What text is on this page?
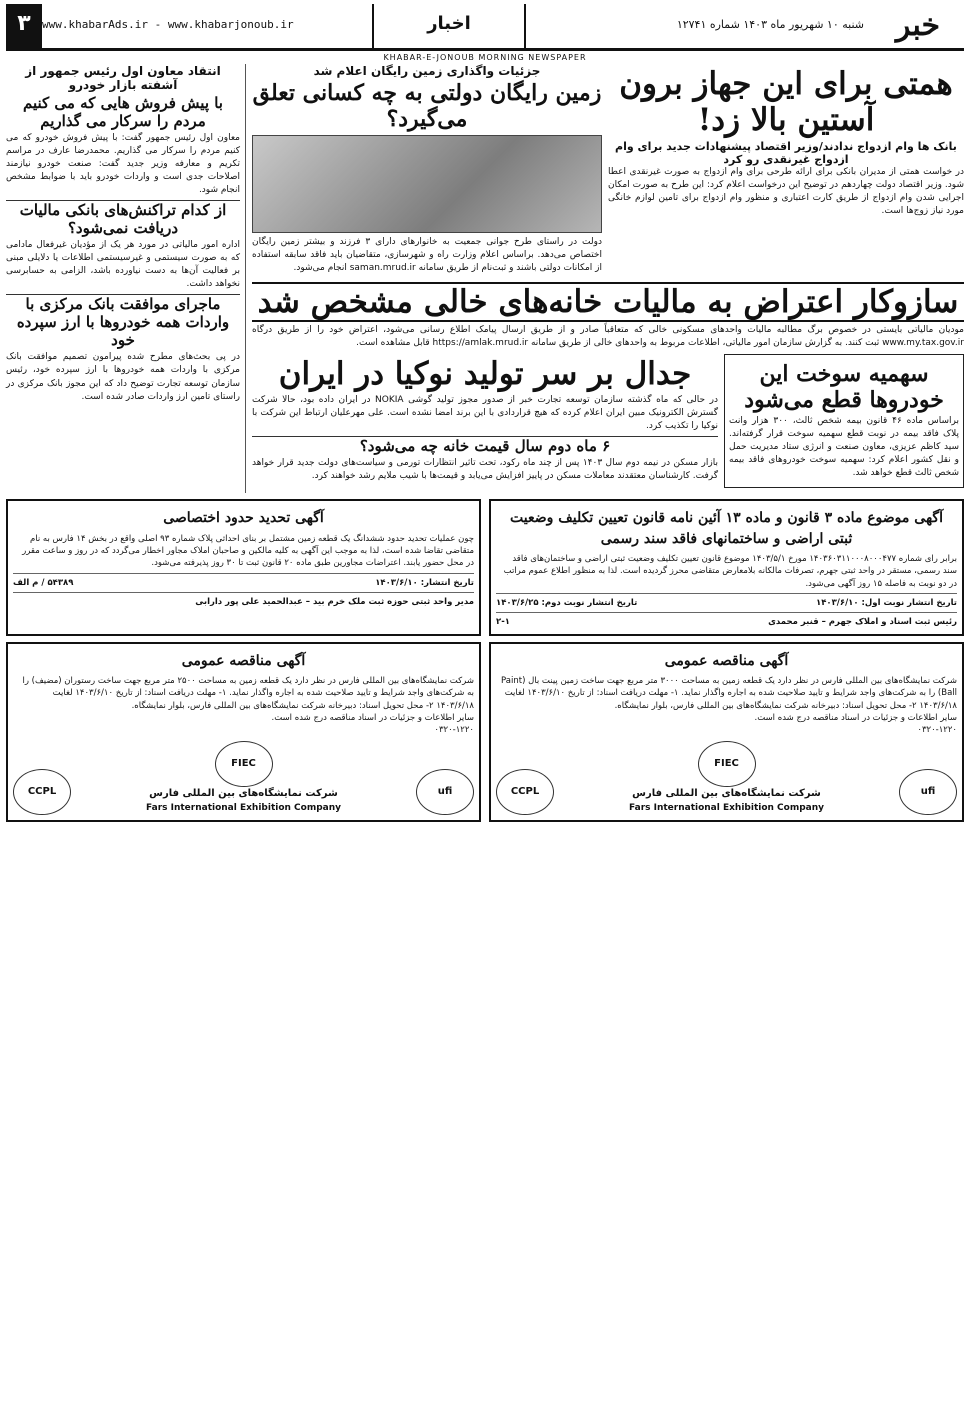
خبر
شنبه ۱۰ شهریور ماه ۱۴۰۳ شماره ۱۲۷۴۱
اخبار
www.khabarAds.ir - www.khabarjonoub.ir
۳
KHABAR-E-JONOUB MORNING NEWSPAPER
همتی برای این جهاز برون آستین بالا زد!
بانک ها وام ازدواج ندادند/وزیر اقتصاد پیشنهادات جدید برای وام ازدواج غیرنقدی رو کرد

در خواست همتی از مدیران بانکی برای ارائه طرحی برای وام ازدواج به صورت غیرنقدی اعطا شود. وزیر اقتصاد دولت چهاردهم در توضیح این درخواست اعلام کرد: این طرح به صورت امکان اجرایی شدن وام ازدواج از طریق کارت اعتباری و منظور وام ازدواج برای تامین لوازم خانگی مورد نیاز زوج‌ها است.

جزئیات واگذاری زمین رایگان اعلام شد
زمین رایگان دولتی به چه کسانی تعلق می‌گیرد؟

دولت در راستای طرح جوانی جمعیت به خانوارهای دارای ۳ فرزند و بیشتر زمین رایگان اختصاص می‌دهد. براساس اعلام وزارت راه و شهرسازی، متقاضیان باید فاقد سابقه استفاده از امکانات دولتی باشند و ثبت‌نام از طریق سامانه saman.mrud.ir انجام می‌شود.

سازوکار اعتراض به مالیات خانه‌های خالی مشخص شد

مودیان مالیاتی بایستی در خصوص برگ مطالبه مالیات واحدهای مسکونی خالی که متعاقباً صادر و از طریق ارسال پیامک اطلاع رسانی می‌شود، اعتراض خود را از طریق درگاه www.my.tax.gov.ir ثبت کنند. به گزارش سازمان امور مالیاتی، اطلاعات مربوط به واحدهای خالی از طریق سامانه https://amlak.mrud.ir قابل مشاهده است.

سهمیه سوخت این خودروها قطع می‌شود

براساس ماده ۴۶ قانون بیمه شخص ثالث، ۳۰۰ هزار وانت پلاک فاقد بیمه در نوبت قطع سهمیه سوخت قرار گرفته‌اند. سید کاظم عزیزی، معاون صنعت و انرژی ستاد مدیریت حمل و نقل کشور اعلام کرد: سهمیه سوخت خودروهای فاقد بیمه شخص ثالث قطع خواهد شد.

جدال بر سر تولید نوکیا در ایران

در حالی که ماه گذشته سازمان توسعه تجارت خبر از صدور مجوز تولید گوشی NOKIA در ایران داده بود، حالا شرکت گسترش الکترونیک مبین ایران اعلام کرده که هیچ قراردادی با این برند امضا نشده است. علی مهرعلیان ارتباط این شرکت با نوکیا را تکذیب کرد.

۶ ماه دوم سال قیمت خانه چه می‌شود؟

بازار مسکن در نیمه دوم سال ۱۴۰۳ پس از چند ماه رکود، تحت تاثیر انتظارات تورمی و سیاست‌های دولت جدید قرار خواهد گرفت. کارشناسان معتقدند معاملات مسکن در پاییز افزایش می‌یابد و قیمت‌ها با شیب ملایم رشد خواهند کرد.

انتقاد معاون اول رئیس جمهور از آشفته بازار خودرو
با پیش فروش هایی که می کنیم مردم را سرکار می گذاریم

معاون اول رئیس جمهور گفت: با پیش فروش خودرو که می کنیم مردم را سرکار می گذاریم. محمدرضا عارف در مراسم تکریم و معارفه وزیر جدید گفت: صنعت خودرو نیازمند اصلاحات جدی است و واردات خودرو باید با ضوابط مشخص انجام شود.

از کدام تراکنش‌های بانکی مالیات دریافت نمی‌شود؟

اداره امور مالیاتی در مورد هر یک از مؤدیان غیرفعال مادامی که به صورت سیستمی و غیرسیستمی اطلاعات یا دلایلی مبنی بر فعالیت آن‌ها به دست نیاورده باشد، الزامی به حسابرسی نخواهد داشت.

ماجرای موافقت بانک مرکزی با واردات همه خودروها با ارز سپرده خود

در پی بحث‌های مطرح شده پیرامون تصمیم موافقت بانک مرکزی با واردات همه خودروها با ارز سپرده خود، رئیس سازمان توسعه تجارت توضیح داد که این مجوز بانک مرکزی در راستای تامین ارز واردات صادر شده است.

آگهی موضوع ماده ۳ قانون و ماده ۱۳ آئین نامه قانون تعیین تکلیف وضعیت ثبتی اراضی و ساختمانهای فاقد سند رسمی
برابر رای شماره ۱۴۰۳۶۰۳۱۱۰۰۰۸۰۰۰۴۷۷ مورخ ۱۴۰۳/۵/۱ موضوع قانون تعیین تکلیف وضعیت ثبتی اراضی و ساختمان‌های فاقد سند رسمی، مستقر در واحد ثبتی جهرم، تصرفات مالکانه بلامعارض متقاضی محرز گردیده است. لذا به منظور اطلاع عموم مراتب در دو نوبت به فاصله ۱۵ روز آگهی می‌شود.
تاریخ انتشار نوبت اول: ۱۴۰۳/۶/۱۰
تاریخ انتشار نوبت دوم: ۱۴۰۳/۶/۲۵
رئیس ثبت اسناد و املاک جهرم – قنبر محمدی
۲-۱
آگهی تحدید حدود اختصاصی
چون عملیات تحدید حدود ششدانگ یک قطعه زمین مشتمل بر بنای احداثی پلاک شماره ۹۳ اصلی واقع در بخش ۱۴ فارس به نام متقاضی تقاضا شده است، لذا به موجب این آگهی به کلیه مالکین و صاحبان املاک مجاور اخطار می‌گردد که در روز و ساعت مقرر در محل حضور یابند. اعتراضات مجاورین طبق ماده ۲۰ قانون ثبت تا ۳۰ روز پذیرفته می‌شود.
تاریخ انتشار: ۱۴۰۳/۶/۱۰
۵۴۳۸۹ / م الف
مدیر واحد ثبتی حوزه ثبت ملک خرم بید – عبدالحمید علی پور دارابی
آگهی مناقصه عمومی
شرکت نمایشگاه‌های بین المللی فارس در نظر دارد یک قطعه زمین به مساحت ۳۰۰۰ متر مربع جهت ساخت زمین پینت بال (Paint Ball) را به شرکت‌های واجد شرایط و تایید صلاحیت شده به اجاره واگذار نماید. ۱- مهلت دریافت اسناد: از تاریخ ۱۴۰۳/۶/۱۰ لغایت ۱۴۰۳/۶/۱۸ ۲- محل تحویل اسناد: دبیرخانه شرکت نمایشگاه‌های بین المللی فارس، بلوار نمایشگاه.
سایر اطلاعات و جزئیات در اسناد مناقصه درج شده است.
۰۳۲۰-۱۲۲۰
ufi
FIEC
شرکت نمایشگاه‌های بین المللی فارس
Fars International Exhibition Company
CCPL
آگهی مناقصه عمومی
شرکت نمایشگاه‌های بین المللی فارس در نظر دارد یک قطعه زمین به مساحت ۲۵۰۰ متر مربع جهت ساخت رستوران (مضیف) را به شرکت‌های واجد شرایط و تایید صلاحیت شده به اجاره واگذار نماید. ۱- مهلت دریافت اسناد: از تاریخ ۱۴۰۳/۶/۱۰ لغایت ۱۴۰۳/۶/۱۸ ۲- محل تحویل اسناد: دبیرخانه شرکت نمایشگاه‌های بین المللی فارس، بلوار نمایشگاه.
سایر اطلاعات و جزئیات در اسناد مناقصه درج شده است.
۰۳۲۰-۱۲۲۰
ufi
FIEC
شرکت نمایشگاه‌های بین المللی فارس
Fars International Exhibition Company
CCPL
